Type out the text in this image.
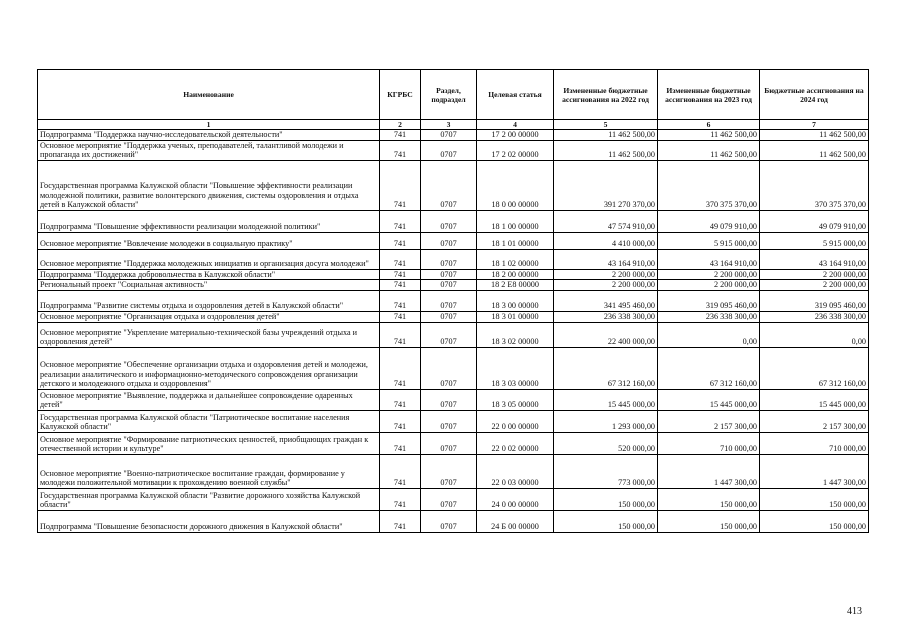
Наименование	КГРБС	Раздел, подраздел	Целевая статья	Измененные бюджетные ассигнования на 2022 год	Измененные бюджетные ассигнования на 2023 год	Бюджетные ассигнования на 2024 год
1	2	3	4	5	6	7
Подпрограмма "Поддержка научно-исследовательской деятельности"	741	0707	17 2 00 00000	11 462 500,00	11 462 500,00	11 462 500,00
Основное мероприятие "Поддержка ученых, преподавателей, талантливой молодежи и пропаганда их достижений"	741	0707	17 2 02 00000	11 462 500,00	11 462 500,00	11 462 500,00
Государственная программа Калужской области "Повышение эффективности реализации молодежной политики, развитие волонтерского движения, системы оздоровления и отдыха детей в Калужской области"	741	0707	18 0 00 00000	391 270 370,00	370 375 370,00	370 375 370,00
Подпрограмма "Повышение эффективности реализации молодежной политики"	741	0707	18 1 00 00000	47 574 910,00	49 079 910,00	49 079 910,00
Основное мероприятие "Вовлечение молодежи в социальную практику"	741	0707	18 1 01 00000	4 410 000,00	5 915 000,00	5 915 000,00
Основное мероприятие "Поддержка молодежных инициатив и организация досуга молодежи"	741	0707	18 1 02 00000	43 164 910,00	43 164 910,00	43 164 910,00
Подпрограмма "Поддержка добровольчества в Калужской области"	741	0707	18 2 00 00000	2 200 000,00	2 200 000,00	2 200 000,00
Региональный проект "Социальная активность"	741	0707	18 2 E8 00000	2 200 000,00	2 200 000,00	2 200 000,00
Подпрограмма "Развитие системы отдыха и оздоровления детей в Калужской области"	741	0707	18 3 00 00000	341 495 460,00	319 095 460,00	319 095 460,00
Основное мероприятие "Организация отдыха и оздоровления детей"	741	0707	18 3 01 00000	236 338 300,00	236 338 300,00	236 338 300,00
Основное мероприятие "Укрепление материально-технической базы учреждений отдыха и оздоровления детей"	741	0707	18 3 02 00000	22 400 000,00	0,00	0,00
Основное мероприятие "Обеспечение организации отдыха и оздоровления детей и молодежи, реализации аналитического и информационно-методического сопровождения организации детского и молодежного отдыха и оздоровления"	741	0707	18 3 03 00000	67 312 160,00	67 312 160,00	67 312 160,00
Основное мероприятие "Выявление, поддержка и дальнейшее сопровождение одаренных детей"	741	0707	18 3 05 00000	15 445 000,00	15 445 000,00	15 445 000,00
Государственная программа Калужской области "Патриотическое воспитание населения Калужской области"	741	0707	22 0 00 00000	1 293 000,00	2 157 300,00	2 157 300,00
Основное мероприятие "Формирование патриотических ценностей, приобщающих граждан к отечественной истории и культуре"	741	0707	22 0 02 00000	520 000,00	710 000,00	710 000,00
Основное мероприятие "Военно-патриотическое воспитание граждан, формирование у молодежи положительной мотивации к прохождению военной службы"	741	0707	22 0 03 00000	773 000,00	1 447 300,00	1 447 300,00
Государственная программа Калужской области "Развитие дорожного хозяйства Калужской области"	741	0707	24 0 00 00000	150 000,00	150 000,00	150 000,00
Подпрограмма "Повышение безопасности дорожного движения в Калужской области"	741	0707	24 Б 00 00000	150 000,00	150 000,00	150 000,00
413
